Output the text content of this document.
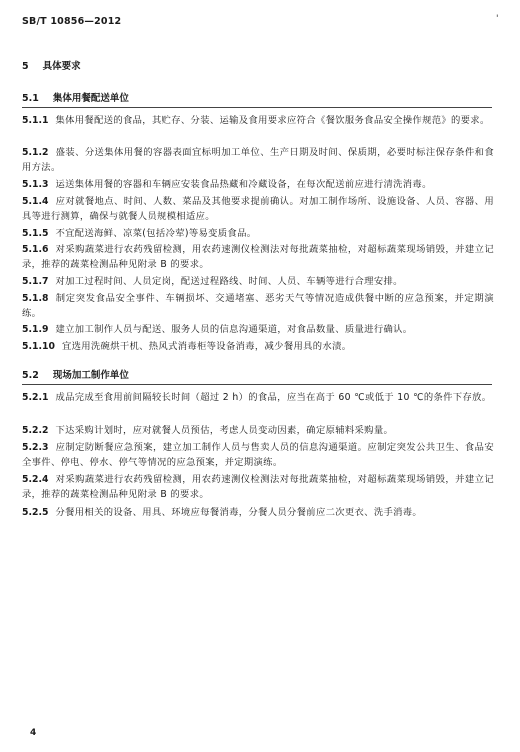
SB/T 10856—2012	'
5 具体要求
5.1 集体用餐配送单位
5.1.1 集体用餐配送的食品，其贮存、分装、运输及食用要求应符合《餐饮服务食品安全操作规范》的要求。
5.1.2 盛装、分送集体用餐的容器表面宜标明加工单位、生产日期及时间、保质期，必要时标注保存条件和食用方法。
5.1.3 运送集体用餐的容器和车辆应安装食品热藏和冷藏设备，在每次配送前应进行清洗消毒。
5.1.4 应对就餐地点、时间、人数、菜品及其他要求提前确认。对加工制作场所、设施设备、人员、容器、用具等进行测算，确保与就餐人员规模相适应。
5.1.5 不宜配送海鲜、凉菜(包括冷荤)等易变质食品。
5.1.6 对采购蔬菜进行农药残留检测，用农药速测仪检测法对每批蔬菜抽检，对超标蔬菜现场销毁，并建立记录，推荐的蔬菜检测品种见附录 B 的要求。
5.1.7 对加工过程时间、人员定岗，配送过程路线、时间、人员、车辆等进行合理安排。
5.1.8 制定突发食品安全事件、车辆损坏、交通堵塞、恶劣天气等情况造成供餐中断的应急预案，并定期演练。
5.1.9 建立加工制作人员与配送、服务人员的信息沟通渠道，对食品数量、质量进行确认。
5.1.10 宜选用洗碗烘干机、热风式消毒柜等设备消毒，减少餐用具的水渍。
5.2 现场加工制作单位
5.2.1 成品完成至食用前间隔较长时间（超过 2 h）的食品，应当在高于 60 ℃或低于 10 ℃的条件下存放。
5.2.2 下达采购计划时，应对就餐人员预估，考虑人员变动因素，确定原辅料采购量。
5.2.3 应制定防断餐应急预案，建立加工制作人员与售卖人员的信息沟通渠道。应制定突发公共卫生、食品安全事件、停电、停水、停气等情况的应急预案，并定期演练。
5.2.4 对采购蔬菜进行农药残留检测，用农药速测仪检测法对每批蔬菜抽检，对超标蔬菜现场销毁，并建立记录，推荐的蔬菜检测品种见附录 B 的要求。
5.2.5 分餐用相关的设备、用具、环境应每餐消毒，分餐人员分餐前应二次更衣、洗手消毒。
4
